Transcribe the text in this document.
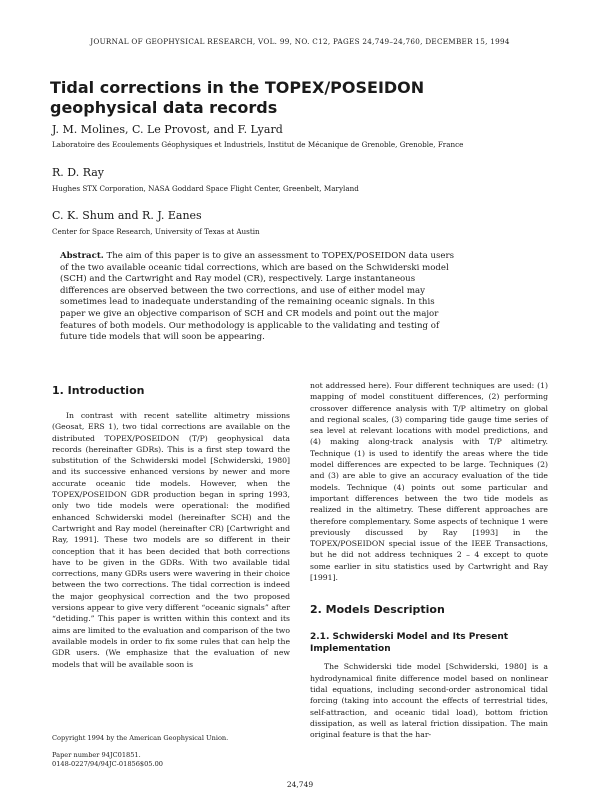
JOURNAL OF GEOPHYSICAL RESEARCH, VOL. 99, NO. C12, PAGES 24,749–24,760, DECEMBER 15, 1994
Tidal corrections in the TOPEX/POSEIDON geophysical data records
J. M. Molines, C. Le Provost, and F. Lyard
Laboratoire des Ecoulements Géophysiques et Industriels, Institut de Mécanique de Grenoble, Grenoble, France
R. D. Ray
Hughes STX Corporation, NASA Goddard Space Flight Center, Greenbelt, Maryland
C. K. Shum and R. J. Eanes
Center for Space Research, University of Texas at Austin
Abstract. The aim of this paper is to give an assessment to TOPEX/POSEIDON data users of the two available oceanic tidal corrections, which are based on the Schwiderski model (SCH) and the Cartwright and Ray model (CR), respectively. Large instantaneous differences are observed between the two corrections, and use of either model may sometimes lead to inadequate understanding of the remaining oceanic signals. In this paper we give an objective comparison of SCH and CR models and point out the major features of both models. Our methodology is applicable to the validating and testing of future tide models that will soon be appearing.
1. Introduction

In contrast with recent satellite altimetry missions (Geosat, ERS 1), two tidal corrections are available on the distributed TOPEX/POSEIDON (T/P) geophysical data records (hereinafter GDRs). This is a first step toward the substitution of the Schwiderski model [Schwiderski, 1980] and its successive enhanced versions by newer and more accurate oceanic tide models. However, when the TOPEX/POSEIDON GDR production began in spring 1993, only two tide models were operational: the modified enhanced Schwiderski model (hereinafter SCH) and the Cartwright and Ray model (hereinafter CR) [Cartwright and Ray, 1991]. These two models are so different in their conception that it has been decided that both corrections have to be given in the GDRs. With two available tidal corrections, many GDRs users were wavering in their choice between the two corrections. The tidal correction is indeed the major geophysical correction and the two proposed versions appear to give very different “oceanic signals” after “detiding.” This paper is written within this context and its aims are limited to the evaluation and comparison of the two available models in order to fix some rules that can help the GDR users. (We emphasize that the evaluation of new models that will be available soon is

not addressed here). Four different techniques are used: (1) mapping of model constituent differences, (2) performing crossover difference analysis with T/P altimetry on global and regional scales, (3) comparing tide gauge time series of sea level at relevant locations with model predictions, and (4) making along-track analysis with T/P altimetry. Technique (1) is used to identify the areas where the tide model differences are expected to be large. Techniques (2) and (3) are able to give an accuracy evaluation of the tide models. Technique (4) points out some particular and important differences between the two tide models as realized in the altimetry. These different approaches are therefore complementary. Some aspects of technique 1 were previously discussed by Ray [1993] in the TOPEX/POSEIDON special issue of the IEEE Transactions, but he did not address techniques 2 – 4 except to quote some earlier in situ statistics used by Cartwright and Ray [1991].

2. Models Description
2.1. Schwiderski Model and Its Present Implementation

The Schwiderski tide model [Schwiderski, 1980] is a hydrodynamical finite difference model based on nonlinear tidal equations, including second-order astronomical tidal forcing (taking into account the effects of terrestrial tides, self-attraction, and oceanic tidal load), bottom friction dissipation, as well as lateral friction dissipation. The main original feature is that the har-

Copyright 1994 by the American Geophysical Union.
Paper number 94JC01851.
0148-0227/94/94JC-01856$05.00
24,749
